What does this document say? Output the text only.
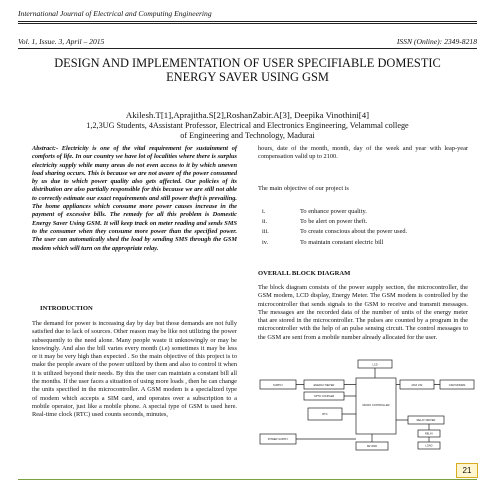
International Journal of Electrical and Computing Engineering
Vol. 1, Issue. 3, April – 2015	ISSN (Online): 2349-8218
DESIGN AND IMPLEMENTATION OF USER SPECIFIABLE DOMESTIC ENERGY SAVER USING GSM
Akilesh.T[1],Aprajitha.S[2],RoshanZabir.A[3], Deepika Vinothini[4]
1,2,3UG Students, 4Assistant Professor, Electrical and Electronics Engineering, Velammal college
of Engineering and Technology, Madurai
Abstract:- Electricity is one of the vital requirement for sustainment of comforts of life. In our country we have lot of localities where there is surplus electricity supply while many areas do not even access to it by which uneven load sharing occurs. This is because we are not aware of the power consumed by us due to which power quality also gets affected. Our policies of its distribution are also partially responsible for this because we are still not able to correctly estimate our exact requirements and still power theft is prevailing. The home appliances which consume more power causes increase in the payment of excessive bills. The remedy for all this problem is Domestic Energy Saver Using GSM. It will keep track on meter reading and sends SMS to the consumer when they consume more power than the specified power. The user can automatically shed the load by sending SMS through the GSM modem which will turn on the appropriate relay.
INTRODUCTION
The demand for power is increasing day by day but those demands are not fully satisfied due to lack of sources. Other reason may be like not utilizing the power subsequently to the need alone. Many people waste it unknowingly or may be knowingly. And also the bill varies every month (i.e) sometimes it may be less or it may be very high than expected . So the main objective of this project is to make the people aware of the power utilized by them and also to control it when it is utilized beyond their needs. By this the user can maintain a constant bill all the months. If the user faces a situation of using more loads , then he can change the units specified in the microcontroller. A GSM modem is a specialized type of modem which accepts a SIM card, and operates over a subscription to a mobile operator, just like a mobile phone. A special type of GSM is used here. Real-time clock (RTC) used counts seconds, minutes,
hours, date of the month, month, day of the week and year with leap-year compensation valid up to 2100.
The main objective of our project is
i.	To enhance power quality.
ii.	To be alert on power theft.
iii.	To create conscious about the power used.
iv.	To maintain constant electric bill
OVERALL BLOCK DIAGRAM
The block diagram consists of the power supply section, the microcontroller, the GSM modem, LCD display, Energy Meter. The GSM modem is controlled by the microcontroller that sends signals to the GSM to receive and transmit messages. The messages are the recorded data of the number of units of the energy meter that are stored in the microcontroller. The pulses are counted by a program in the microcontroller with the help of an pulse sensing circuit. The control messages to the GSM are sent from a mobile number already allocated for the user.
LCD
SUPPLY	ENERGY METER
OPTO COUPLER
MAX 232	GSM MODEM
MICRO CONTROLLER
RTC
RELAY DRIVER
RELAY
LOAD
POWER SUPPLY
KEYPAD
21
